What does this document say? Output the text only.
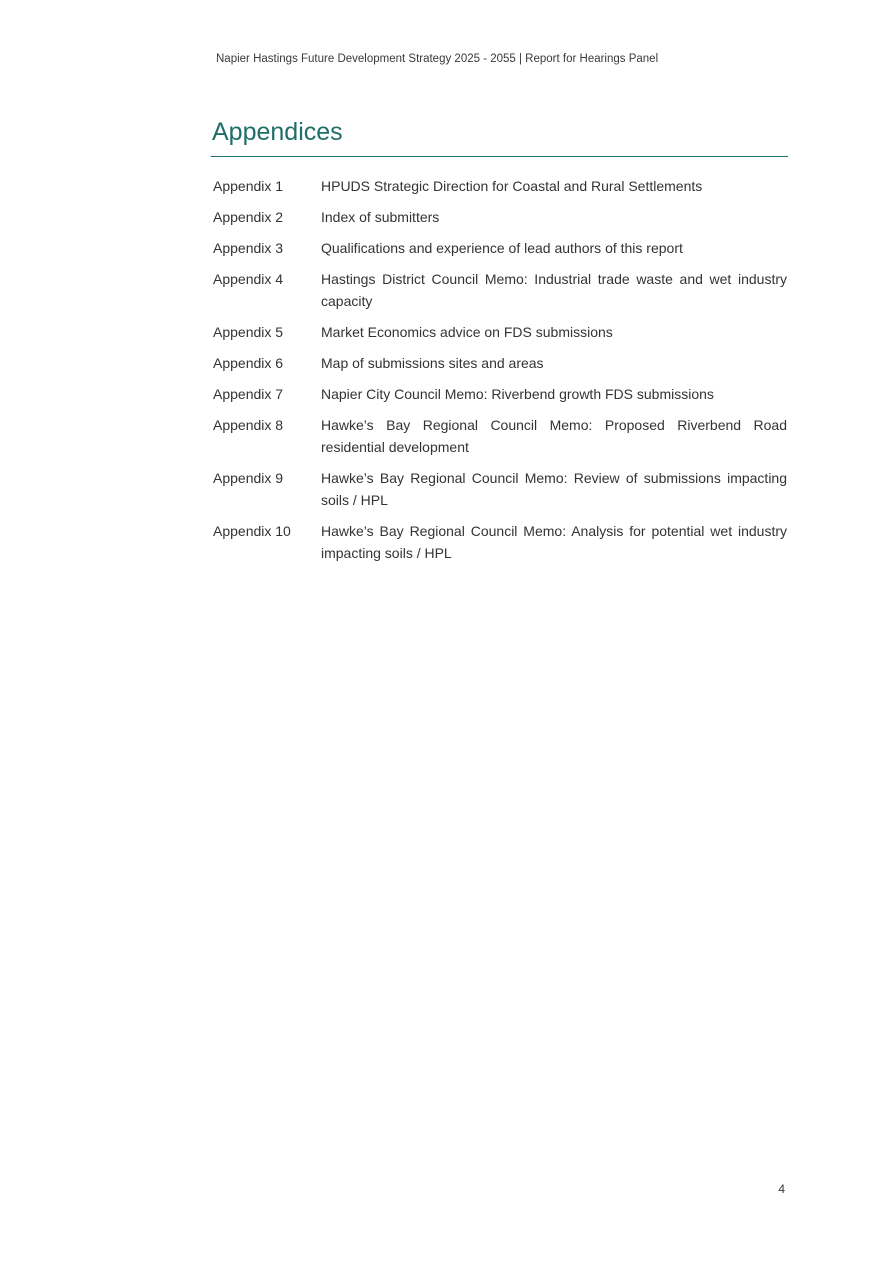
Napier Hastings Future Development Strategy 2025 - 2055 | Report for Hearings Panel
Appendices
Appendix 1	HPUDS Strategic Direction for Coastal and Rural Settlements
Appendix 2	Index of submitters
Appendix 3	Qualifications and experience of lead authors of this report
Appendix 4	Hastings District Council Memo: Industrial trade waste and wet industry capacity
Appendix 5	Market Economics advice on FDS submissions
Appendix 6	Map of submissions sites and areas
Appendix 7	Napier City Council Memo: Riverbend growth FDS submissions
Appendix 8	Hawke’s Bay Regional Council Memo: Proposed Riverbend Road residential development
Appendix 9	Hawke’s Bay Regional Council Memo: Review of submissions impacting soils / HPL
Appendix 10	Hawke’s Bay Regional Council Memo: Analysis for potential wet industry impacting soils / HPL
4
